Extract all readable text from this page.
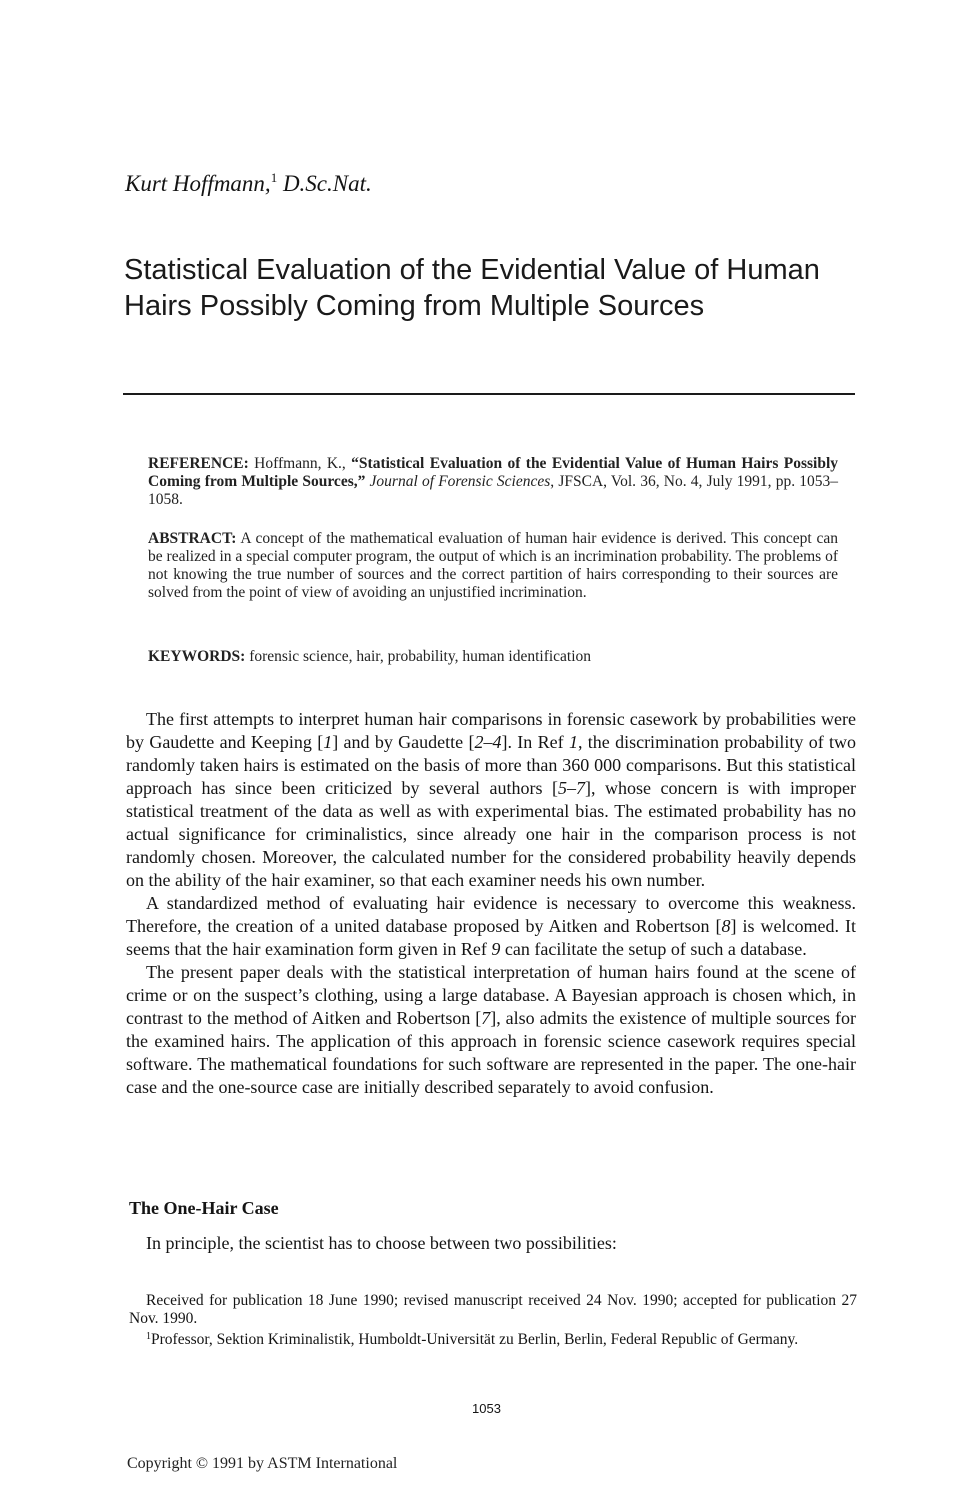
Kurt Hoffmann,$^1$ D.Sc.Nat.
Statistical Evaluation of the Evidential Value of Human Hairs Possibly Coming from Multiple Sources

REFERENCE: Hoffmann, K., “Statistical Evaluation of the Evidential Value of Human Hairs Possibly Coming from Multiple Sources,” Journal of Forensic Sciences, JFSCA, Vol. 36, No. 4, July 1991, pp. 1053–1058.

ABSTRACT: A concept of the mathematical evaluation of human hair evidence is derived. This concept can be realized in a special computer program, the output of which is an incrimination probability. The problems of not knowing the true number of sources and the correct partition of hairs corresponding to their sources are solved from the point of view of avoiding an unjustified incrimination.

KEYWORDS: forensic science, hair, probability, human identification

The first attempts to interpret human hair comparisons in forensic casework by probabilities were by Gaudette and Keeping [1] and by Gaudette [2–4]. In Ref 1, the discrimination probability of two randomly taken hairs is estimated on the basis of more than 360 000 comparisons. But this statistical approach has since been criticized by several authors [5–7], whose concern is with improper statistical treatment of the data as well as with experimental bias. The estimated probability has no actual significance for criminalistics, since already one hair in the comparison process is not randomly chosen. Moreover, the calculated number for the considered probability heavily depends on the ability of the hair examiner, so that each examiner needs his own number.

A standardized method of evaluating hair evidence is necessary to overcome this weakness. Therefore, the creation of a united database proposed by Aitken and Robertson [8] is welcomed. It seems that the hair examination form given in Ref 9 can facilitate the setup of such a database.

The present paper deals with the statistical interpretation of human hairs found at the scene of crime or on the suspect’s clothing, using a large database. A Bayesian approach is chosen which, in contrast to the method of Aitken and Robertson [7], also admits the existence of multiple sources for the examined hairs. The application of this approach in forensic science casework requires special software. The mathematical foundations for such software are represented in the paper. The one-hair case and the one-source case are initially described separately to avoid confusion.

The One-Hair Case
In principle, the scientist has to choose between two possibilities:

Received for publication 18 June 1990; revised manuscript received 24 Nov. 1990; accepted for publication 27 Nov. 1990.

$^1$Professor, Sektion Kriminalistik, Humboldt-Universität zu Berlin, Berlin, Federal Republic of Germany.

1053
Copyright © 1991 by ASTM International
